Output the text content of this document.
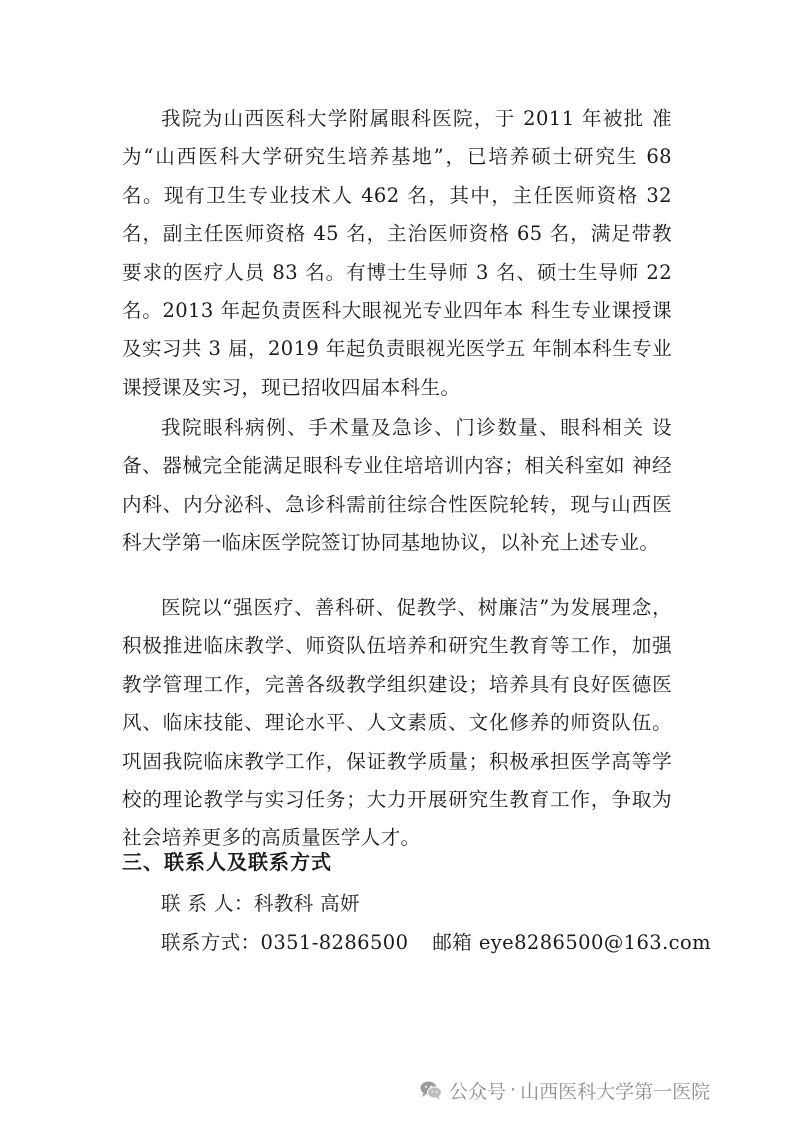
我院为山西医科大学附属眼科医院，于 2011 年被批 准为“山西医科大学研究生培养基地”，已培养硕士研究生 68 名。现有卫生专业技术人 462 名，其中，主任医师资格 32 名，副主任医师资格 45 名，主治医师资格 65 名，满足带教要求的医疗人员 83 名。有博士生导师 3 名、硕士生导师 22 名。2013 年起负责医科大眼视光专业四年本 科生专业课授课及实习共 3 届，2019 年起负责眼视光医学五 年制本科生专业课授课及实习，现已招收四届本科生。

我院眼科病例、手术量及急诊、门诊数量、眼科相关 设备、器械完全能满足眼科专业住培培训内容；相关科室如 神经内科、内分泌科、急诊科需前往综合性医院轮转，现与山西医科大学第一临床医学院签订协同基地协议，以补充上述专业。

医院以“强医疗、善科研、促教学、树廉洁”为发展理念，积极推进临床教学、师资队伍培养和研究生教育等工作，加强教学管理工作，完善各级教学组织建设；培养具有良好医德医风、临床技能、理论水平、人文素质、文化修养的师资队伍。巩固我院临床教学工作，保证教学质量；积极承担医学高等学校的理论教学与实习任务；大力开展研究生教育工作，争取为社会培养更多的高质量医学人才。

三、联系人及联系方式
联 系 人：科教科 高妍
联系方式：0351-8286500 邮箱 eye8286500@163.com
公众号 · 山西医科大学第一医院
